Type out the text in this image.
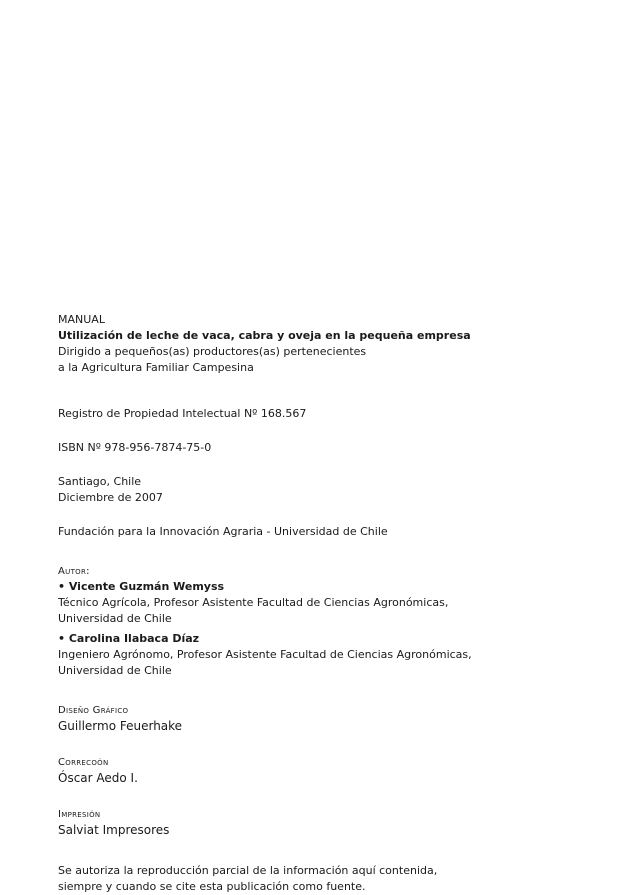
MANUAL
Utilización de leche de vaca, cabra y oveja en la pequeña empresa
Dirigido a pequeños(as) productores(as) pertenecientes
a la Agricultura Familiar Campesina
Registro de Propiedad Intelectual Nº 168.567
ISBN Nº 978-956-7874-75-0
Santiago, Chile
Diciembre de 2007
Fundación para la Innovación Agraria - Universidad de Chile
Autor:
• Vicente Guzmán Wemyss
Técnico Agrícola, Profesor Asistente Facultad de Ciencias Agronómicas,
Universidad de Chile
• Carolina Ilabaca Díaz
Ingeniero Agrónomo, Profesor Asistente Facultad de Ciencias Agronómicas,
Universidad de Chile
Diseño Gráfico
Guillermo Feuerhake
Correcoón
Óscar Aedo I.
Impresión
Salviat Impresores
Se autoriza la reproducción parcial de la información aquí contenida,
siempre y cuando se cite esta publicación como fuente.
